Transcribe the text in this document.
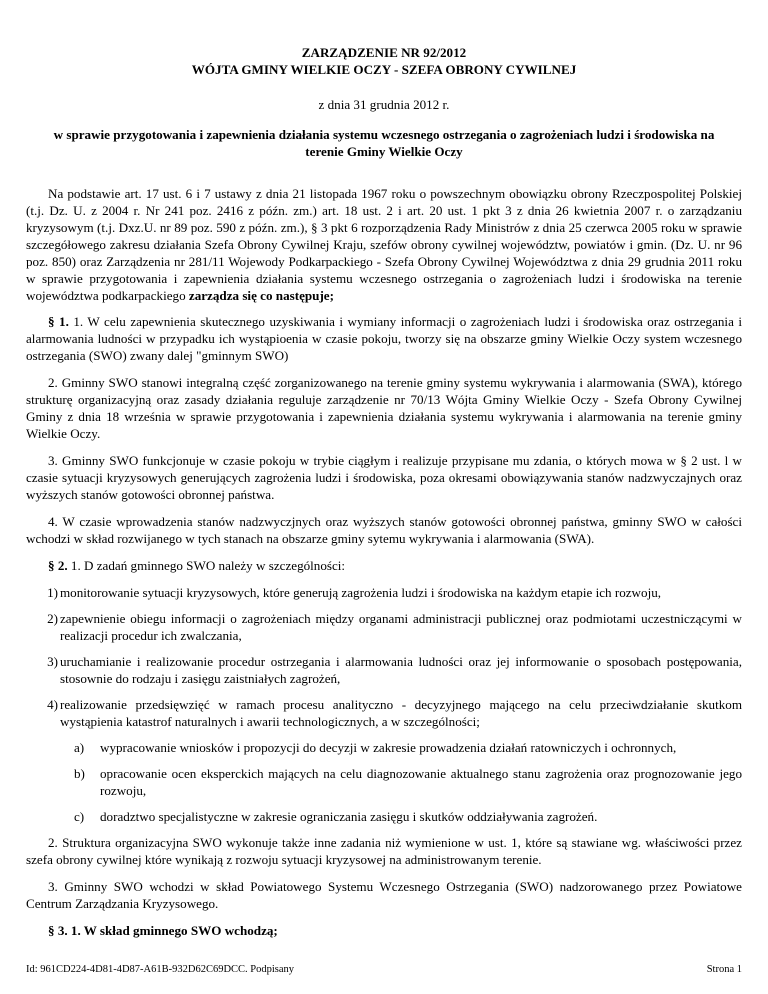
ZARZĄDZENIE NR 92/2012
WÓJTA GMINY WIELKIE OCZY - SZEFA OBRONY CYWILNEJ
z dnia 31 grudnia 2012 r.
w sprawie przygotowania i zapewnienia działania systemu wczesnego ostrzegania o zagrożeniach ludzi i środowiska na terenie Gminy Wielkie Oczy

Na podstawie art. 17 ust. 6 i 7 ustawy z dnia 21 listopada 1967 roku o powszechnym obowiązku obrony Rzeczpospolitej Polskiej (t.j. Dz. U. z 2004 r. Nr 241 poz. 2416 z późn. zm.) art. 18 ust. 2 i art. 20 ust. 1 pkt 3 z dnia 26 kwietnia 2007 r. o zarządzaniu kryzysowym (t.j. Dxz.U. nr 89 poz. 590 z późn. zm.), § 3 pkt 6 rozporządzenia Rady Ministrów z dnia 25 czerwca 2005 roku w sprawie szczegółowego zakresu działania Szefa Obrony Cywilnej Kraju, szefów obrony cywilnej województw, powiatów i gmin. (Dz. U. nr 96 poz. 850) oraz Zarządzenia nr 281/11 Wojewody Podkarpackiego - Szefa Obrony Cywilnej Województwa z dnia 29 grudnia 2011 roku w sprawie przygotowania i zapewnienia działania systemu wczesnego ostrzegania o zagrożeniach ludzi i środowiska na terenie województwa podkarpackiego zarządza się co następuje;

§ 1. 1. W celu zapewnienia skutecznego uzyskiwania i wymiany informacji o zagrożeniach ludzi i środowiska oraz ostrzegania i alarmowania ludności w przypadku ich wystąpioenia w czasie pokoju, tworzy się na obszarze gminy Wielkie Oczy system wczesnego ostrzegania (SWO) zwany dalej "gminnym SWO)

2. Gminny SWO stanowi integralną część zorganizowanego na terenie gminy systemu wykrywania i alarmowania (SWA), którego strukturę organizacyjną oraz zasady działania reguluje zarządzenie nr 70/13 Wójta Gminy Wielkie Oczy - Szefa Obrony Cywilnej Gminy z dnia 18 września w sprawie przygotowania i zapewnienia działania systemu wykrywania i alarmowania na terenie gminy Wielkie Oczy.

3. Gminny SWO funkcjonuje w czasie pokoju w trybie ciągłym i realizuje przypisane mu zdania, o których mowa w § 2 ust. l w czasie sytuacji kryzysowych generujących zagrożenia ludzi i środowiska, poza okresami obowiązywania stanów nadzwyczajnych oraz wyższych stanów gotowości obronnej państwa.

4. W czasie wprowadzenia stanów nadzwyczjnych oraz wyższych stanów gotowości obronnej państwa, gminny SWO w całości wchodzi w skład rozwijanego w tych stanach na obszarze gminy sytemu wykrywania i alarmowania (SWA).

§ 2. 1. D zadań gminnego SWO należy w szczególności:

1) monitorowanie sytuacji kryzysowych, które generują zagrożenia ludzi i środowiska na każdym etapie ich rozwoju,
2) zapewnienie obiegu informacji o zagrożeniach między organami administracji publicznej oraz podmiotami uczestniczącymi w realizacji procedur ich zwalczania,
3) uruchamianie i realizowanie procedur ostrzegania i alarmowania ludności oraz jej informowanie o sposobach postępowania, stosownie do rodzaju i zasięgu zaistniałych zagrożeń,
4) realizowanie przedsięwzięć w ramach procesu analityczno - decyzyjnego mającego na celu przeciwdziałanie skutkom wystąpienia katastrof naturalnych i awarii technologicznych, a w szczególności;
a)	wypracowanie wniosków i propozycji do decyzji w zakresie prowadzenia działań ratowniczych i ochronnych,
b)	opracowanie ocen eksperckich mających na celu diagnozowanie aktualnego stanu zagrożenia oraz prognozowanie jego rozwoju,
c)	doradztwo specjalistyczne w zakresie ograniczania zasięgu i skutków oddziaływania zagrożeń.

2. Struktura organizacyjna SWO wykonuje także inne zadania niż wymienione w ust. 1, które są stawiane wg. właściwości przez szefa obrony cywilnej które wynikają z rozwoju sytuacji kryzysowej na administrowanym terenie.

3. Gminny SWO wchodzi w skład Powiatowego Systemu Wczesnego Ostrzegania (SWO) nadzorowanego przez Powiatowe Centrum Zarządzania Kryzysowego.

§ 3. 1. W skład gminnego SWO wchodzą;

Id: 961CD224-4D81-4D87-A61B-932D62C69DCC. Podpisany	Strona 1
